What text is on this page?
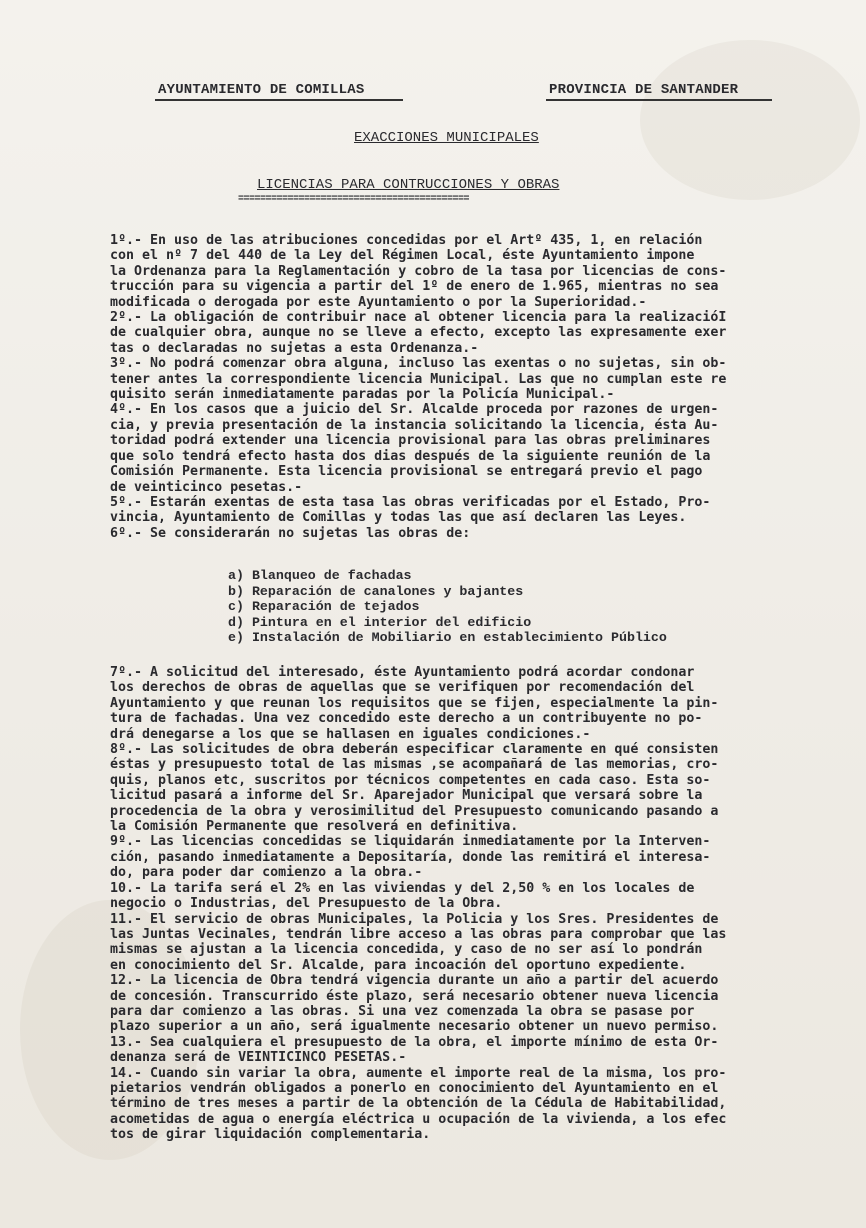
AYUNTAMIENTO DE COMILLAS	PROVINCIA DE SANTANDER
EXACCIONES MUNICIPALES
LICENCIAS PARA CONTRUCCIONES Y OBRAS
==========================================
1º.- En uso de las atribuciones concedidas por el Artº 435, 1, en relación
con el nº 7 del 440 de la Ley del Régimen Local, éste Ayuntamiento impone
la Ordenanza para la Reglamentación y cobro de la tasa por licencias de cons-
trucción para su vigencia a partir del 1º de enero de 1.965, mientras no sea
modificada o derogada por este Ayuntamiento o por la Superioridad.-
2º.- La obligación de contribuir nace al obtener licencia para la realizacióI
de cualquier obra, aunque no se lleve a efecto, excepto las expresamente exer
tas o declaradas no sujetas a esta Ordenanza.-
3º.- No podrá comenzar obra alguna, incluso las exentas o no sujetas, sin ob-
tener antes la correspondiente licencia Municipal. Las que no cumplan este re
quisito serán inmediatamente paradas por la Policía Municipal.-
4º.- En los casos que a juicio del Sr. Alcalde proceda por razones de urgen-
cia, y previa presentación de la instancia solicitando la licencia, ésta Au-
toridad podrá extender una licencia provisional para las obras preliminares
que solo tendrá efecto hasta dos dias después de la siguiente reunión de la
Comisión Permanente. Esta licencia provisional se entregará previo el pago
de veinticinco pesetas.-
5º.- Estarán exentas de esta tasa las obras verificadas por el Estado, Pro-
vincia, Ayuntamiento de Comillas y todas las que así declaren las Leyes.
6º.- Se considerarán no sujetas las obras de:
a) Blanqueo de fachadas
b) Reparación de canalones y bajantes
c) Reparación de tejados
d) Pintura en el interior del edificio
e) Instalación de Mobiliario en establecimiento Público
7º.- A solicitud del interesado, éste Ayuntamiento podrá acordar condonar
los derechos de obras de aquellas que se verifiquen por recomendación del
Ayuntamiento y que reunan los requisitos que se fijen, especialmente la pin-
tura de fachadas. Una vez concedido este derecho a un contribuyente no po-
drá denegarse a los que se hallasen en iguales condiciones.-
8º.- Las solicitudes de obra deberán especificar claramente en qué consisten
éstas y presupuesto total de las mismas ,se acompañará de las memorias, cro-
quis, planos etc, suscritos por técnicos competentes en cada caso. Esta so-
licitud pasará a informe del Sr. Aparejador Municipal que versará sobre la
procedencia de la obra y verosimilitud del Presupuesto comunicando pasando a
la Comisión Permanente que resolverá en definitiva.
9º.- Las licencias concedidas se liquidarán inmediatamente por la Interven-
ción, pasando inmediatamente a Depositaría, donde las remitirá el interesa-
do, para poder dar comienzo a la obra.-
10.- La tarifa será el 2% en las viviendas y del 2,50 % en los locales de
negocio o Industrias, del Presupuesto de la Obra.
11.- El servicio de obras Municipales, la Policia y los Sres. Presidentes de
las Juntas Vecinales, tendrán libre acceso a las obras para comprobar que las
mismas se ajustan a la licencia concedida, y caso de no ser así lo pondrán
en conocimiento del Sr. Alcalde, para incoación del oportuno expediente.
12.- La licencia de Obra tendrá vigencia durante un año a partir del acuerdo
de concesión. Transcurrido éste plazo, será necesario obtener nueva licencia
para dar comienzo a las obras. Si una vez comenzada la obra se pasase por
plazo superior a un año, será igualmente necesario obtener un nuevo permiso.
13.- Sea cualquiera el presupuesto de la obra, el importe mínimo de esta Or-
denanza será de VEINTICINCO PESETAS.-
14.- Cuando sin variar la obra, aumente el importe real de la misma, los pro-
pietarios vendrán obligados a ponerlo en conocimiento del Ayuntamiento en el
término de tres meses a partir de la obtención de la Cédula de Habitabilidad,
acometidas de agua o energía eléctrica u ocupación de la vivienda, a los efec
tos de girar liquidación complementaria.
